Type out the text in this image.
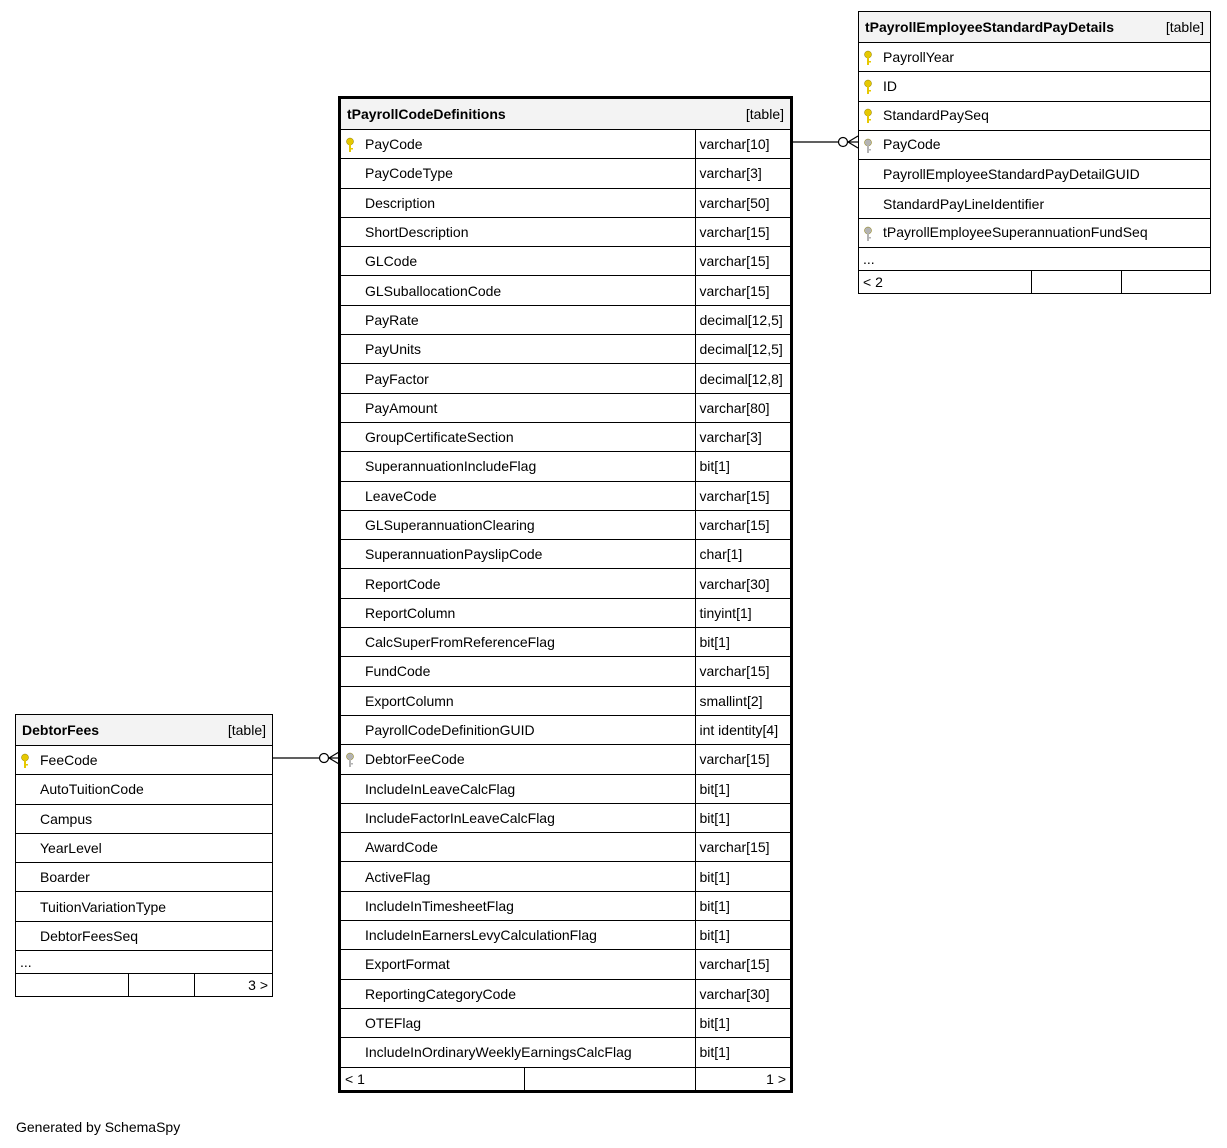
tPayrollEmployeeStandardPayDetails	[table]
PayrollYear

ID

StandardPaySeq

PayCode
PayrollEmployeeStandardPayDetailGUID
StandardPayLineIdentifier

tPayrollEmployeeSuperannuationFundSeq
...
< 2		
tPayrollCodeDefinitions	[table]
PayCode	varchar[10]
PayCodeType	varchar[3]
Description	varchar[50]
ShortDescription	varchar[15]
GLCode	varchar[15]
GLSuballocationCode	varchar[15]
PayRate	decimal[12,5]
PayUnits	decimal[12,5]
PayFactor	decimal[12,8]
PayAmount	varchar[80]
GroupCertificateSection	varchar[3]
SuperannuationIncludeFlag	bit[1]
LeaveCode	varchar[15]
GLSuperannuationClearing	varchar[15]
SuperannuationPayslipCode	char[1]
ReportCode	varchar[30]
ReportColumn	tinyint[1]
CalcSuperFromReferenceFlag	bit[1]
FundCode	varchar[15]
ExportColumn	smallint[2]
PayrollCodeDefinitionGUID	int identity[4]

DebtorFeeCode	varchar[15]
IncludeInLeaveCalcFlag	bit[1]
IncludeFactorInLeaveCalcFlag	bit[1]
AwardCode	varchar[15]
ActiveFlag	bit[1]
IncludeInTimesheetFlag	bit[1]
IncludeInEarnersLevyCalculationFlag	bit[1]
ExportFormat	varchar[15]
ReportingCategoryCode	varchar[30]
OTEFlag	bit[1]
IncludeInOrdinaryWeeklyEarningsCalcFlag	bit[1]
< 1		1 >
DebtorFees	[table]
FeeCode
AutoTuitionCode
Campus
YearLevel
Boarder
TuitionVariationType
DebtorFeesSeq
...
		3 >
Generated by SchemaSpy
